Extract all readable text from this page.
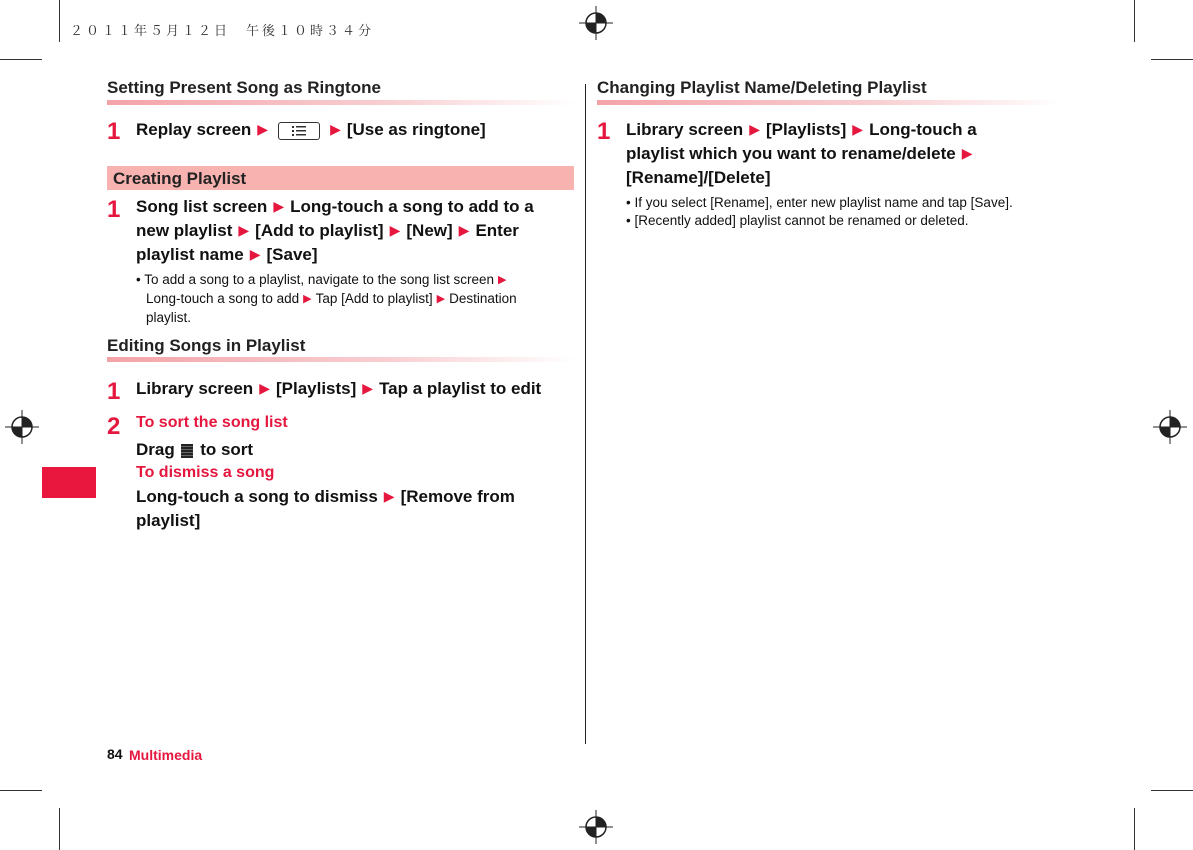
２０１１年５月１２日　午後１０時３４分
Setting Present Song as Ringtone
1 Replay screen ▶	▶ [Use as ringtone]
Creating Playlist
1 Song list screen ▶ Long-touch a song to add to a
new playlist ▶ [Add to playlist] ▶ [New] ▶ Enter
playlist name ▶ [Save]
• To add a song to a playlist, navigate to the song list screen ▶
Long-touch a song to add ▶ Tap [Add to playlist] ▶ Destination
playlist.
Editing Songs in Playlist
1 Library screen ▶ [Playlists] ▶ Tap a playlist to edit
2 To sort the song list
Drag to sort
To dismiss a song
Long-touch a song to dismiss ▶ [Remove from
playlist]
Changing Playlist Name/Deleting Playlist
1 Library screen ▶ [Playlists] ▶ Long-touch a
playlist which you want to rename/delete ▶
[Rename]/[Delete]
• If you select [Rename], enter new playlist name and tap [Save].
• [Recently added] playlist cannot be renamed or deleted.
84 Multimedia
